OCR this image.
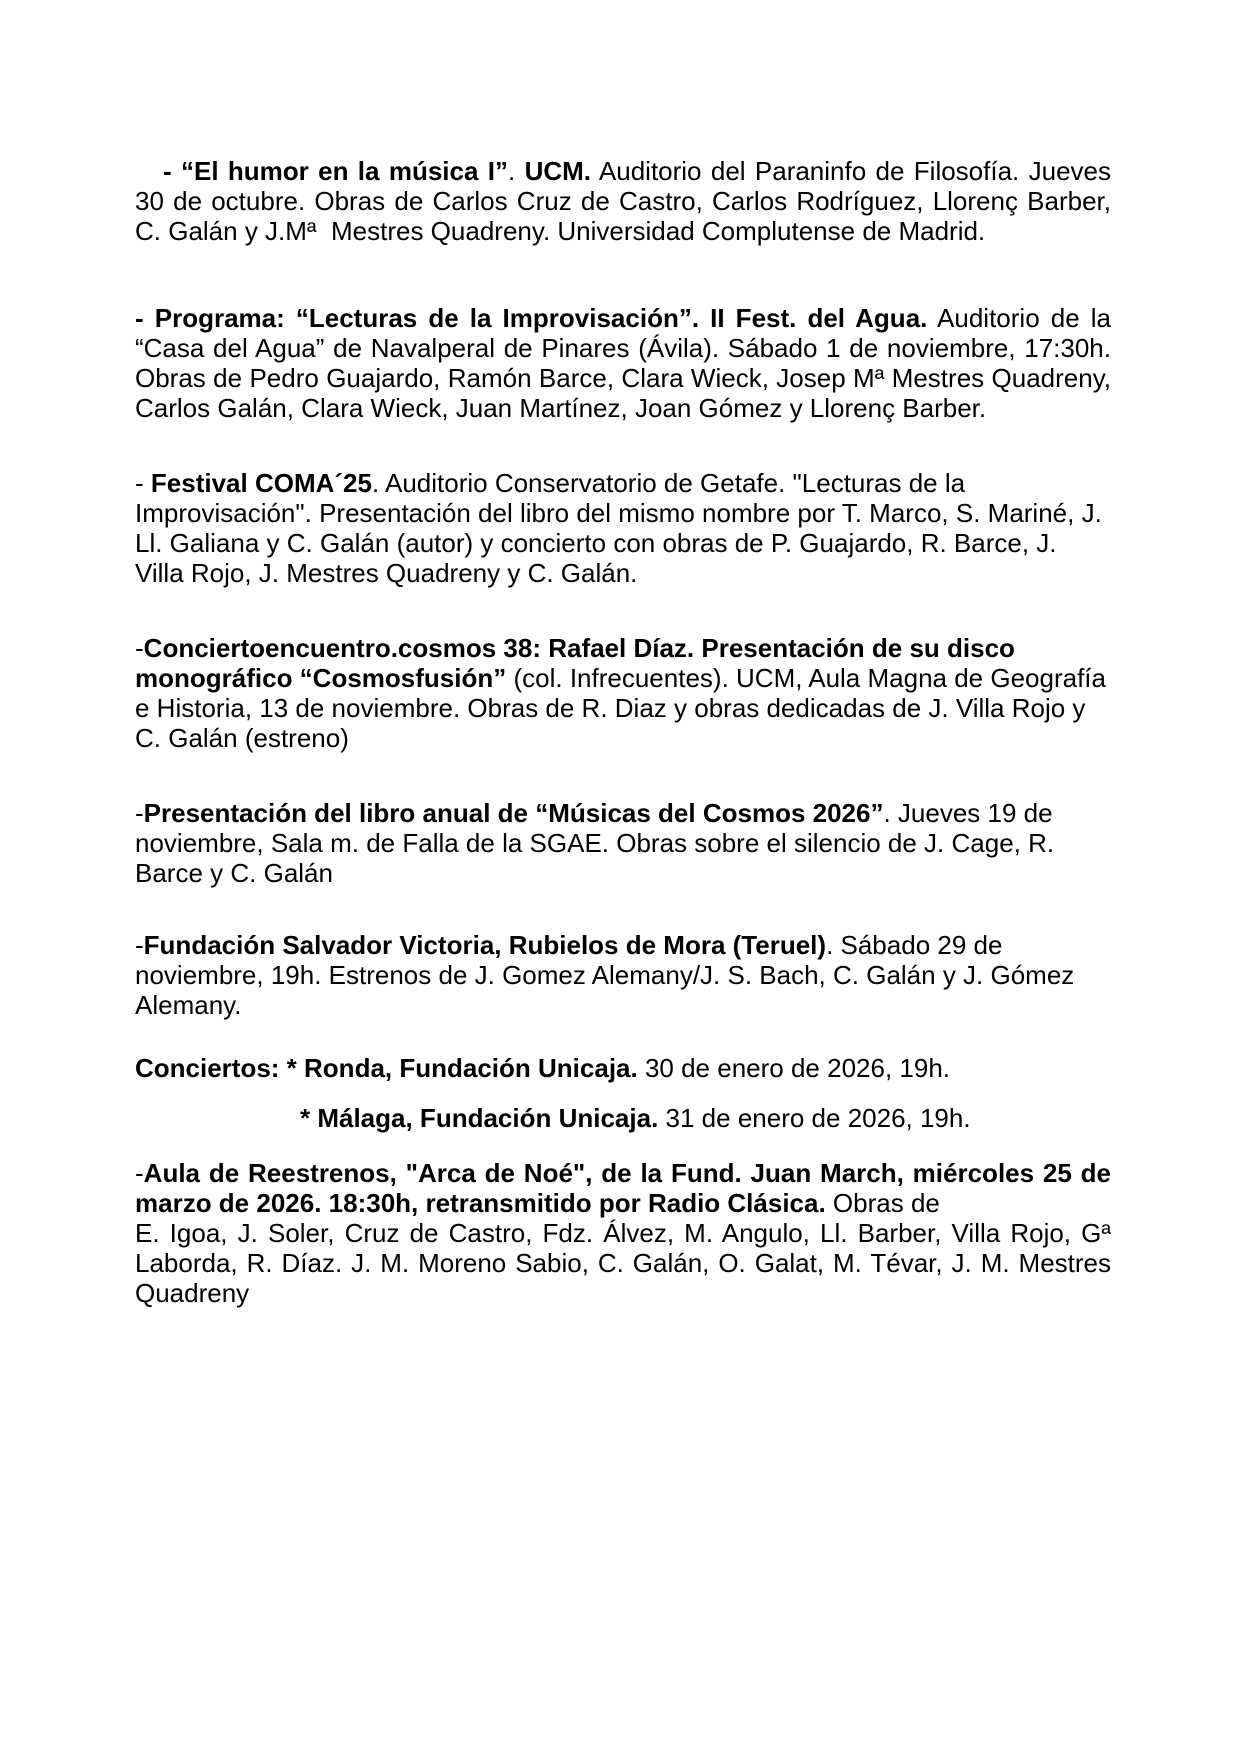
- “El humor en la música I”. UCM. Auditorio del Paraninfo de Filosofía. Jueves 30 de octubre. Obras de Carlos Cruz de Castro, Carlos Rodríguez, Llorenç Barber, C. Galán y J.Mª  Mestres Quadreny. Universidad Complutense de Madrid.

- Programa: “Lecturas de la Improvisación”. II Fest. del Agua. Auditorio de la “Casa del Agua” de Navalperal de Pinares (Ávila). Sábado 1 de noviembre, 17:30h. Obras de Pedro Guajardo, Ramón Barce, Clara Wieck, Josep Mª Mestres Quadreny, Carlos Galán, Clara Wieck, Juan Martínez, Joan Gómez y Llorenç Barber.

- Festival COMA´25. Auditorio Conservatorio de Getafe. "Lecturas de la Improvisación". Presentación del libro del mismo nombre por T. Marco, S. Mariné, J. Ll. Galiana y C. Galán (autor) y concierto con obras de P. Guajardo, R. Barce, J. Villa Rojo, J. Mestres Quadreny y C. Galán.

-Conciertoencuentro.cosmos 38: Rafael Díaz. Presentación de su disco monográfico “Cosmosfusión” (col. Infrecuentes). UCM, Aula Magna de Geografía e Historia, 13 de noviembre. Obras de R. Diaz y obras dedicadas de J. Villa Rojo y C. Galán (estreno)

-Presentación del libro anual de “Músicas del Cosmos 2026”. Jueves 19 de noviembre, Sala m. de Falla de la SGAE. Obras sobre el silencio de J. Cage, R. Barce y C. Galán

-Fundación Salvador Victoria, Rubielos de Mora (Teruel). Sábado 29 de noviembre, 19h. Estrenos de J. Gomez Alemany/J. S. Bach, C. Galán y J. Gómez Alemany.

Conciertos: * Ronda, Fundación Unicaja. 30 de enero de 2026, 19h.

* Málaga, Fundación Unicaja. 31 de enero de 2026, 19h.

-Aula de Reestrenos, "Arca de Noé", de la Fund. Juan March, miércoles 25 de marzo de 2026. 18:30h, retransmitido por Radio Clásica. Obras de
E. Igoa, J. Soler, Cruz de Castro, Fdz. Álvez, M. Angulo, Ll. Barber, Villa Rojo, Gª Laborda, R. Díaz. J. M. Moreno Sabio, C. Galán, O. Galat, M. Tévar, J. M. Mestres Quadreny
